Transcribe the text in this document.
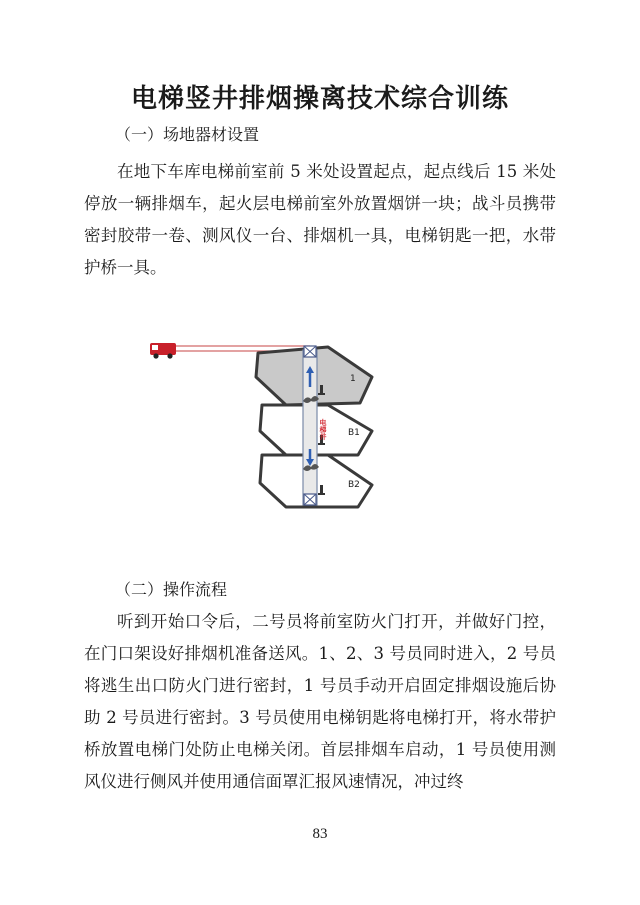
电梯竖井排烟操离技术综合训练

（一）场地器材设置

在地下车库电梯前室前 5 米处设置起点，起点线后 15 米处停放一辆排烟车，起火层电梯前室外放置烟饼一块；战斗员携带密封胶带一卷、测风仪一台、排烟机一具，电梯钥匙一把，水带护桥一具。

电梯井
1
B1
B2

（二）操作流程

听到开始口令后，二号员将前室防火门打开，并做好门控，在门口架设好排烟机准备送风。1、2、3 号员同时进入，2 号员将逃生出口防火门进行密封，1 号员手动开启固定排烟设施后协助 2 号员进行密封。3 号员使用电梯钥匙将电梯打开，将水带护桥放置电梯门处防止电梯关闭。首层排烟车启动，1 号员使用测风仪进行侧风并使用通信面罩汇报风速情况，冲过终

83
